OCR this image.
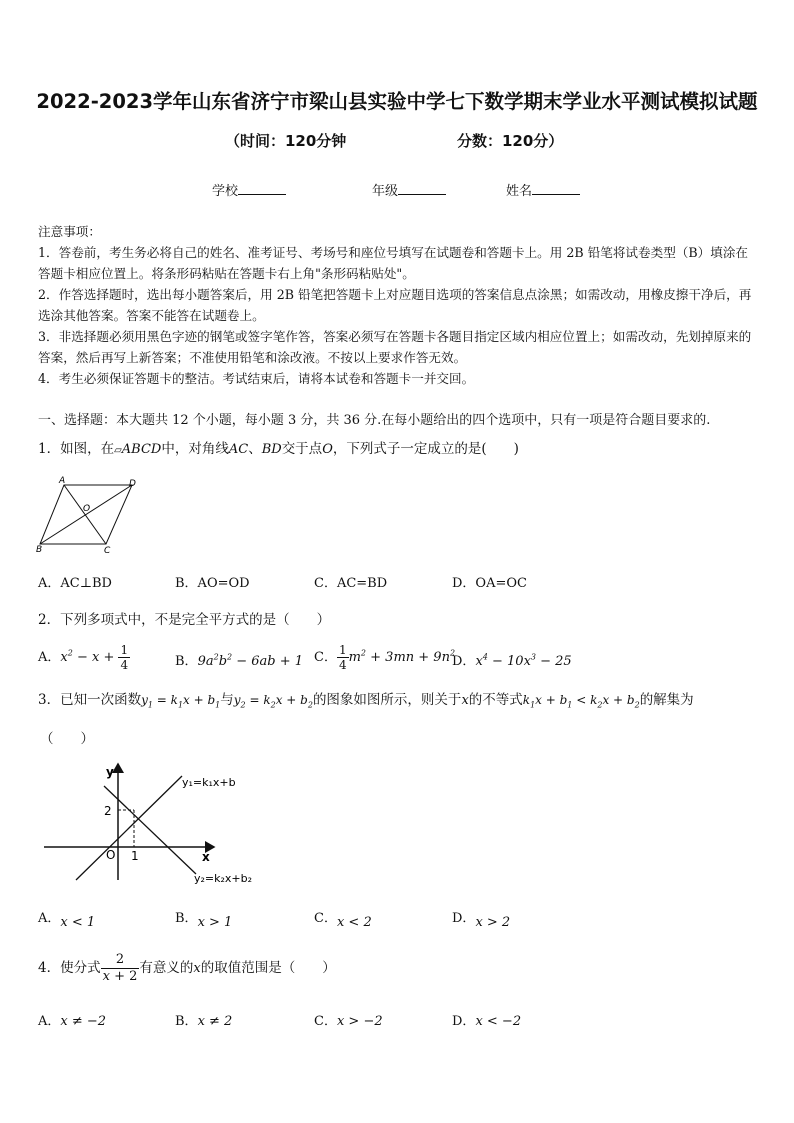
2022-2023学年山东省济宁市梁山县实验中学七下数学期末学业水平测试模拟试题
（时间：120分钟	分数：120分）
学校	年级	姓名

注意事项：

1．答卷前，考生务必将自己的姓名、准考证号、考场号和座位号填写在试题卷和答题卡上。用 2B 铅笔将试卷类型（B）填涂在答题卡相应位置上。将条形码粘贴在答题卡右上角"条形码粘贴处"。

2．作答选择题时，选出每小题答案后，用 2B 铅笔把答题卡上对应题目选项的答案信息点涂黑；如需改动，用橡皮擦干净后，再选涂其他答案。答案不能答在试题卷上。

3．非选择题必须用黑色字迹的钢笔或签字笔作答，答案必须写在答题卡各题目指定区域内相应位置上；如需改动，先划掉原来的答案，然后再写上新答案；不准使用铅笔和涂改液。不按以上要求作答无效。

4．考生必须保证答题卡的整洁。考试结束后，请将本试卷和答题卡一并交回。

一、选择题：本大题共 12 个小题，每小题 3 分，共 36 分.在每小题给出的四个选项中，只有一项是符合题目要求的.
1．如图，在▱ABCD中，对角线AC、BD交于点O，下列式子一定成立的是(　　)
A	D
B	C
O
A．AC⊥BD	B．AO=OD	C．AC=BD	D．OA=OC
2．下列多项式中，不是完全平方式的是（　　）
A．$x^2 - x + \frac{1}{4}$	B．$9a^2b^2 - 6ab + 1$ C． $\frac{1}{4} m^2 + 3mn + 9n^2$
D．$x^4 - 10x^3 - 25$
3．已知一次函数$y_1 = k_1x + b_1$与$y_2 = k_2x + b_2$的图象如图所示，则关于x的不等式$k_1x + b_1 < k_2x + b_2$的解集为
（　　）
y
x
O
2
1
y₁=k₁x+b
y₂=k₂x+b₂
A．x < 1	B．x > 1	C．x < 2	D．x > 2
4．使分式 $\frac{2}{x + 2}$ 有意义的x的取值范围是（　　）
A．x ≠ −2	B．x ≠ 2	C．x > −2	D．x < −2
